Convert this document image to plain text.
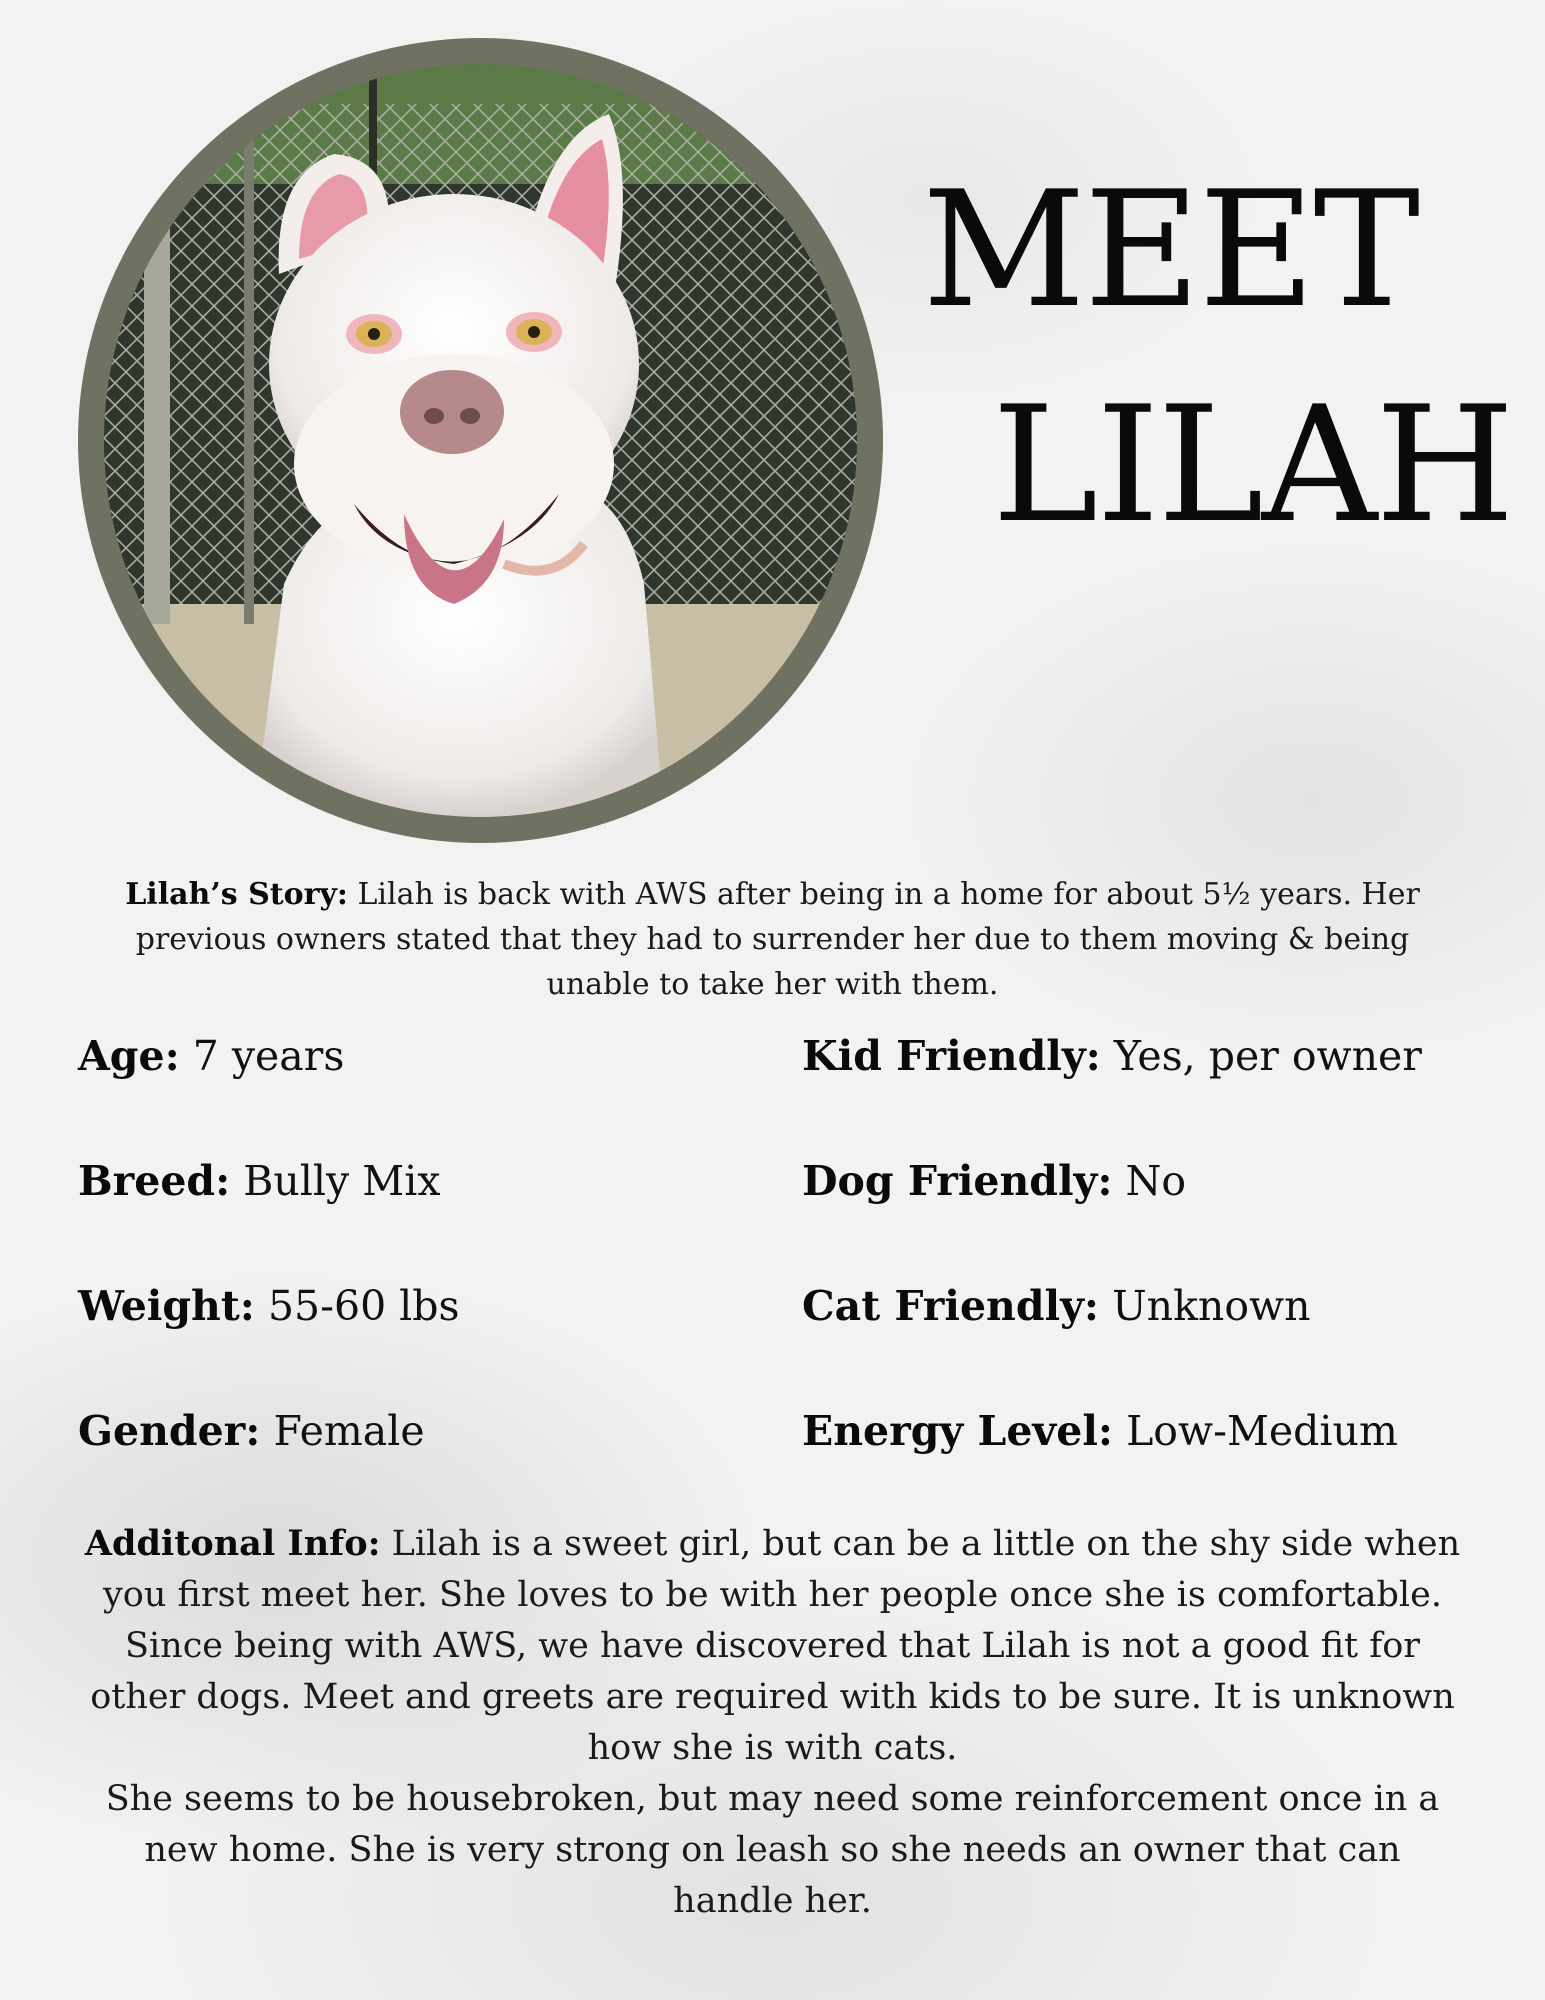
MEET
LILAH
Lilah’s Story: Lilah is back with AWS after being in a home for about 5½ years. Her previous owners stated that they had to surrender her due to them moving & being unable to take her with them.
Age: 7 years
Breed: Bully Mix
Weight: 55-60 lbs
Gender: Female
Kid Friendly: Yes, per owner
Dog Friendly: No
Cat Friendly: Unknown
Energy Level: Low-Medium

Additonal Info: Lilah is a sweet girl, but can be a little on the shy side when you first meet her. She loves to be with her people once she is comfortable.

Since being with AWS, we have discovered that Lilah is not a good fit for other dogs. Meet and greets are required with kids to be sure. It is unknown how she is with cats.

She seems to be housebroken, but may need some reinforcement once in a new home. She is very strong on leash so she needs an owner that can handle her.
